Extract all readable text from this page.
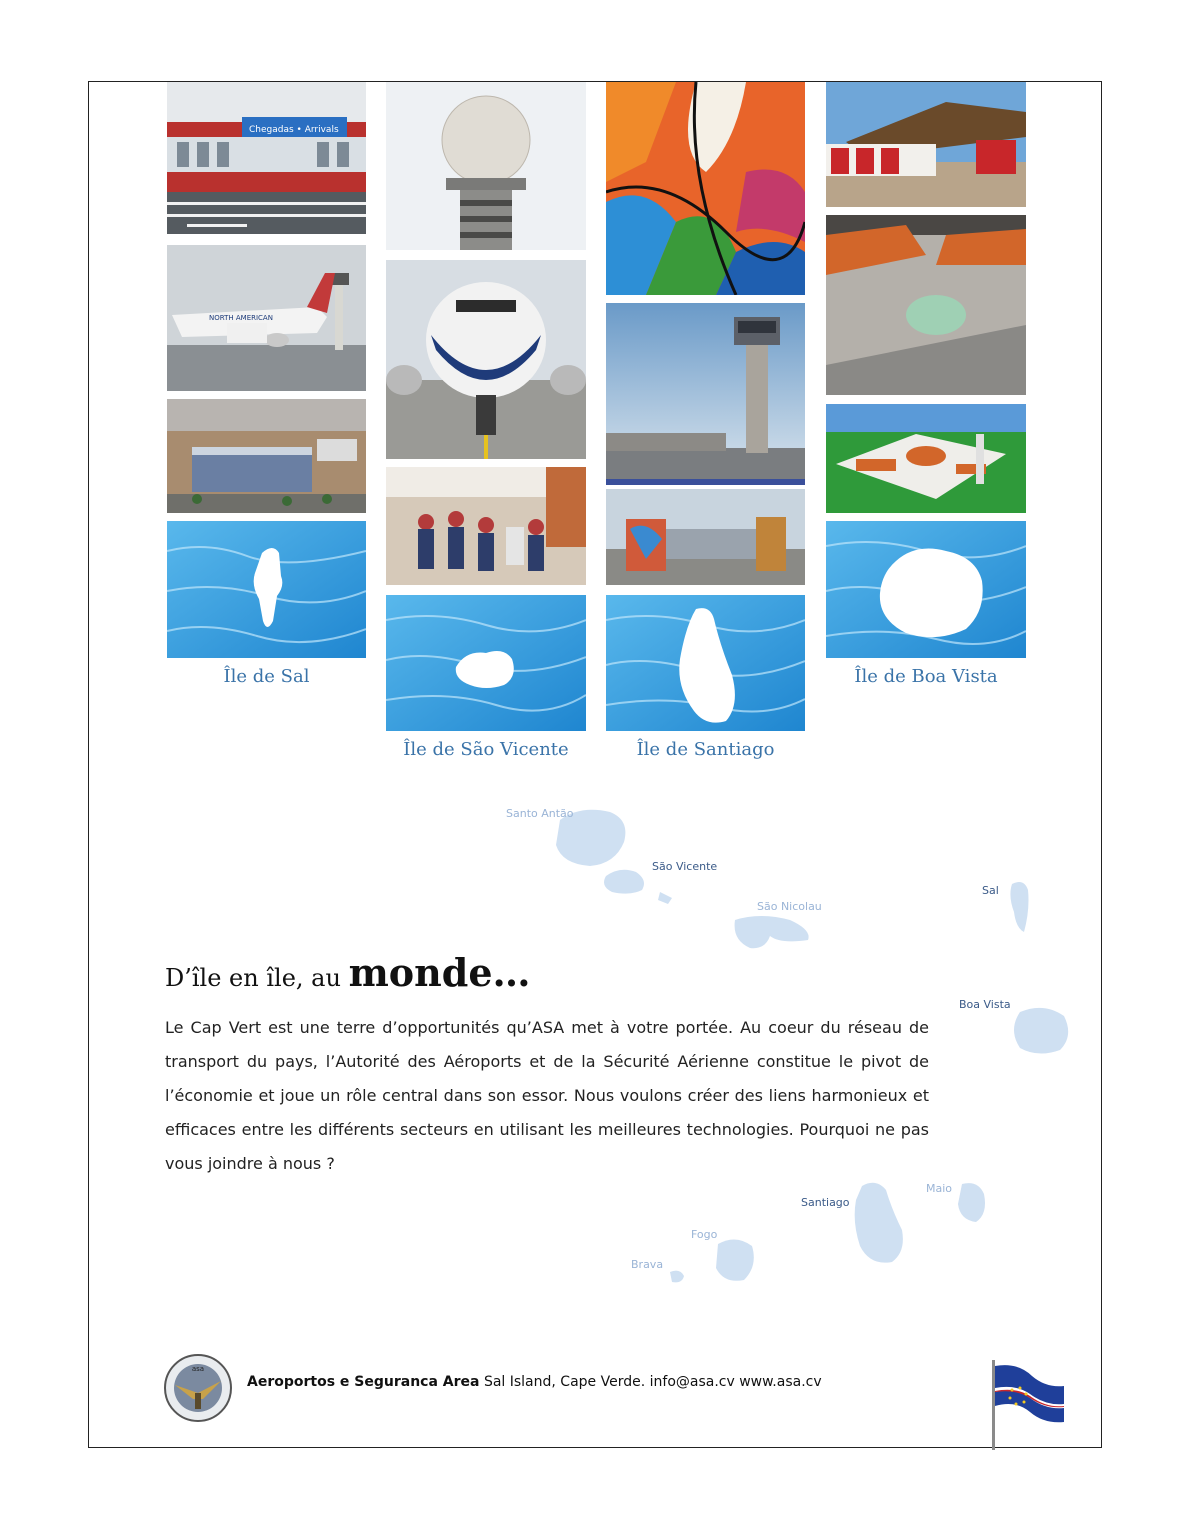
Chegadas • Arrivals
NORTH AMERICAN
Île de Sal
Île de São Vicente	Île de Santiago
Île de Boa Vista
Santo Antão
São Vicente
São Nicolau
Sal
Boa Vista
Santiago
Maio
Fogo
Brava
D’île en île, au monde…
Le Cap Vert est une terre d’opportunités qu’ASA met à votre portée. Au coeur du réseau de transport du pays, l’Autorité des Aéroports et de la Sécurité Aérienne constitue le pivot de l’économie et joue un rôle central dans son essor. Nous voulons créer des liens harmonieux et efficaces entre les différents secteurs en utilisant les meilleures technologies. Pourquoi ne pas vous joindre à nous ?
asa
Aeroportos e Seguranca Area Sal Island, Cape Verde. info@asa.cv www.asa.cv
